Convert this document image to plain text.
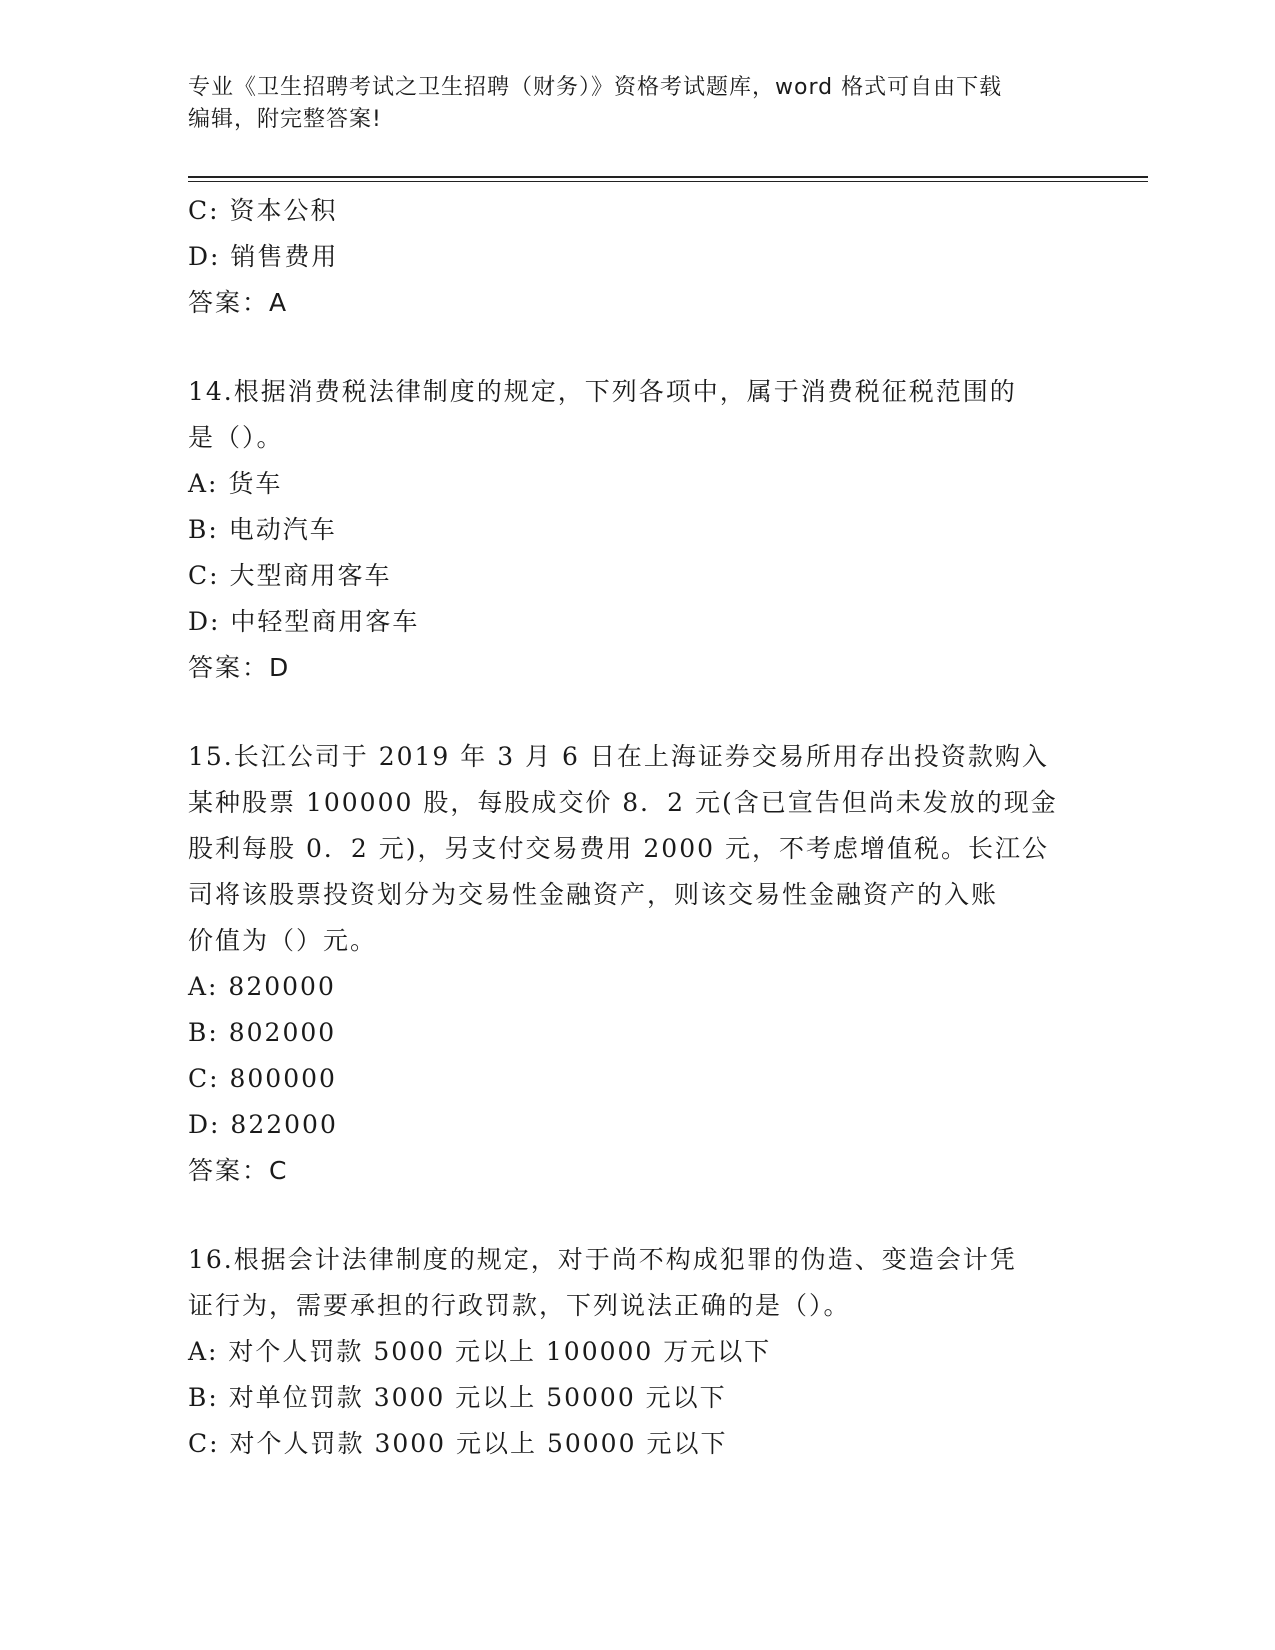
专业《卫生招聘考试之卫生招聘（财务）》资格考试题库，word 格式可自由下载
编辑，附完整答案!
C: 资本公积
D: 销售费用
答案：A
14.根据消费税法律制度的规定，下列各项中，属于消费税征税范围的
是（）。
A: 货车
B: 电动汽车
C: 大型商用客车
D: 中轻型商用客车
答案：D
15.长江公司于 2019 年 3 月 6 日在上海证券交易所用存出投资款购入
某种股票 100000 股，每股成交价 8．2 元(含已宣告但尚未发放的现金
股利每股 0．2 元)，另支付交易费用 2000 元，不考虑增值税。长江公
司将该股票投资划分为交易性金融资产，则该交易性金融资产的入账
价值为（）元。
A: 820000
B: 802000
C: 800000
D: 822000
答案：C
16.根据会计法律制度的规定，对于尚不构成犯罪的伪造、变造会计凭
证行为，需要承担的行政罚款，下列说法正确的是（）。
A: 对个人罚款 5000 元以上 100000 万元以下
B: 对单位罚款 3000 元以上 50000 元以下
C: 对个人罚款 3000 元以上 50000 元以下
